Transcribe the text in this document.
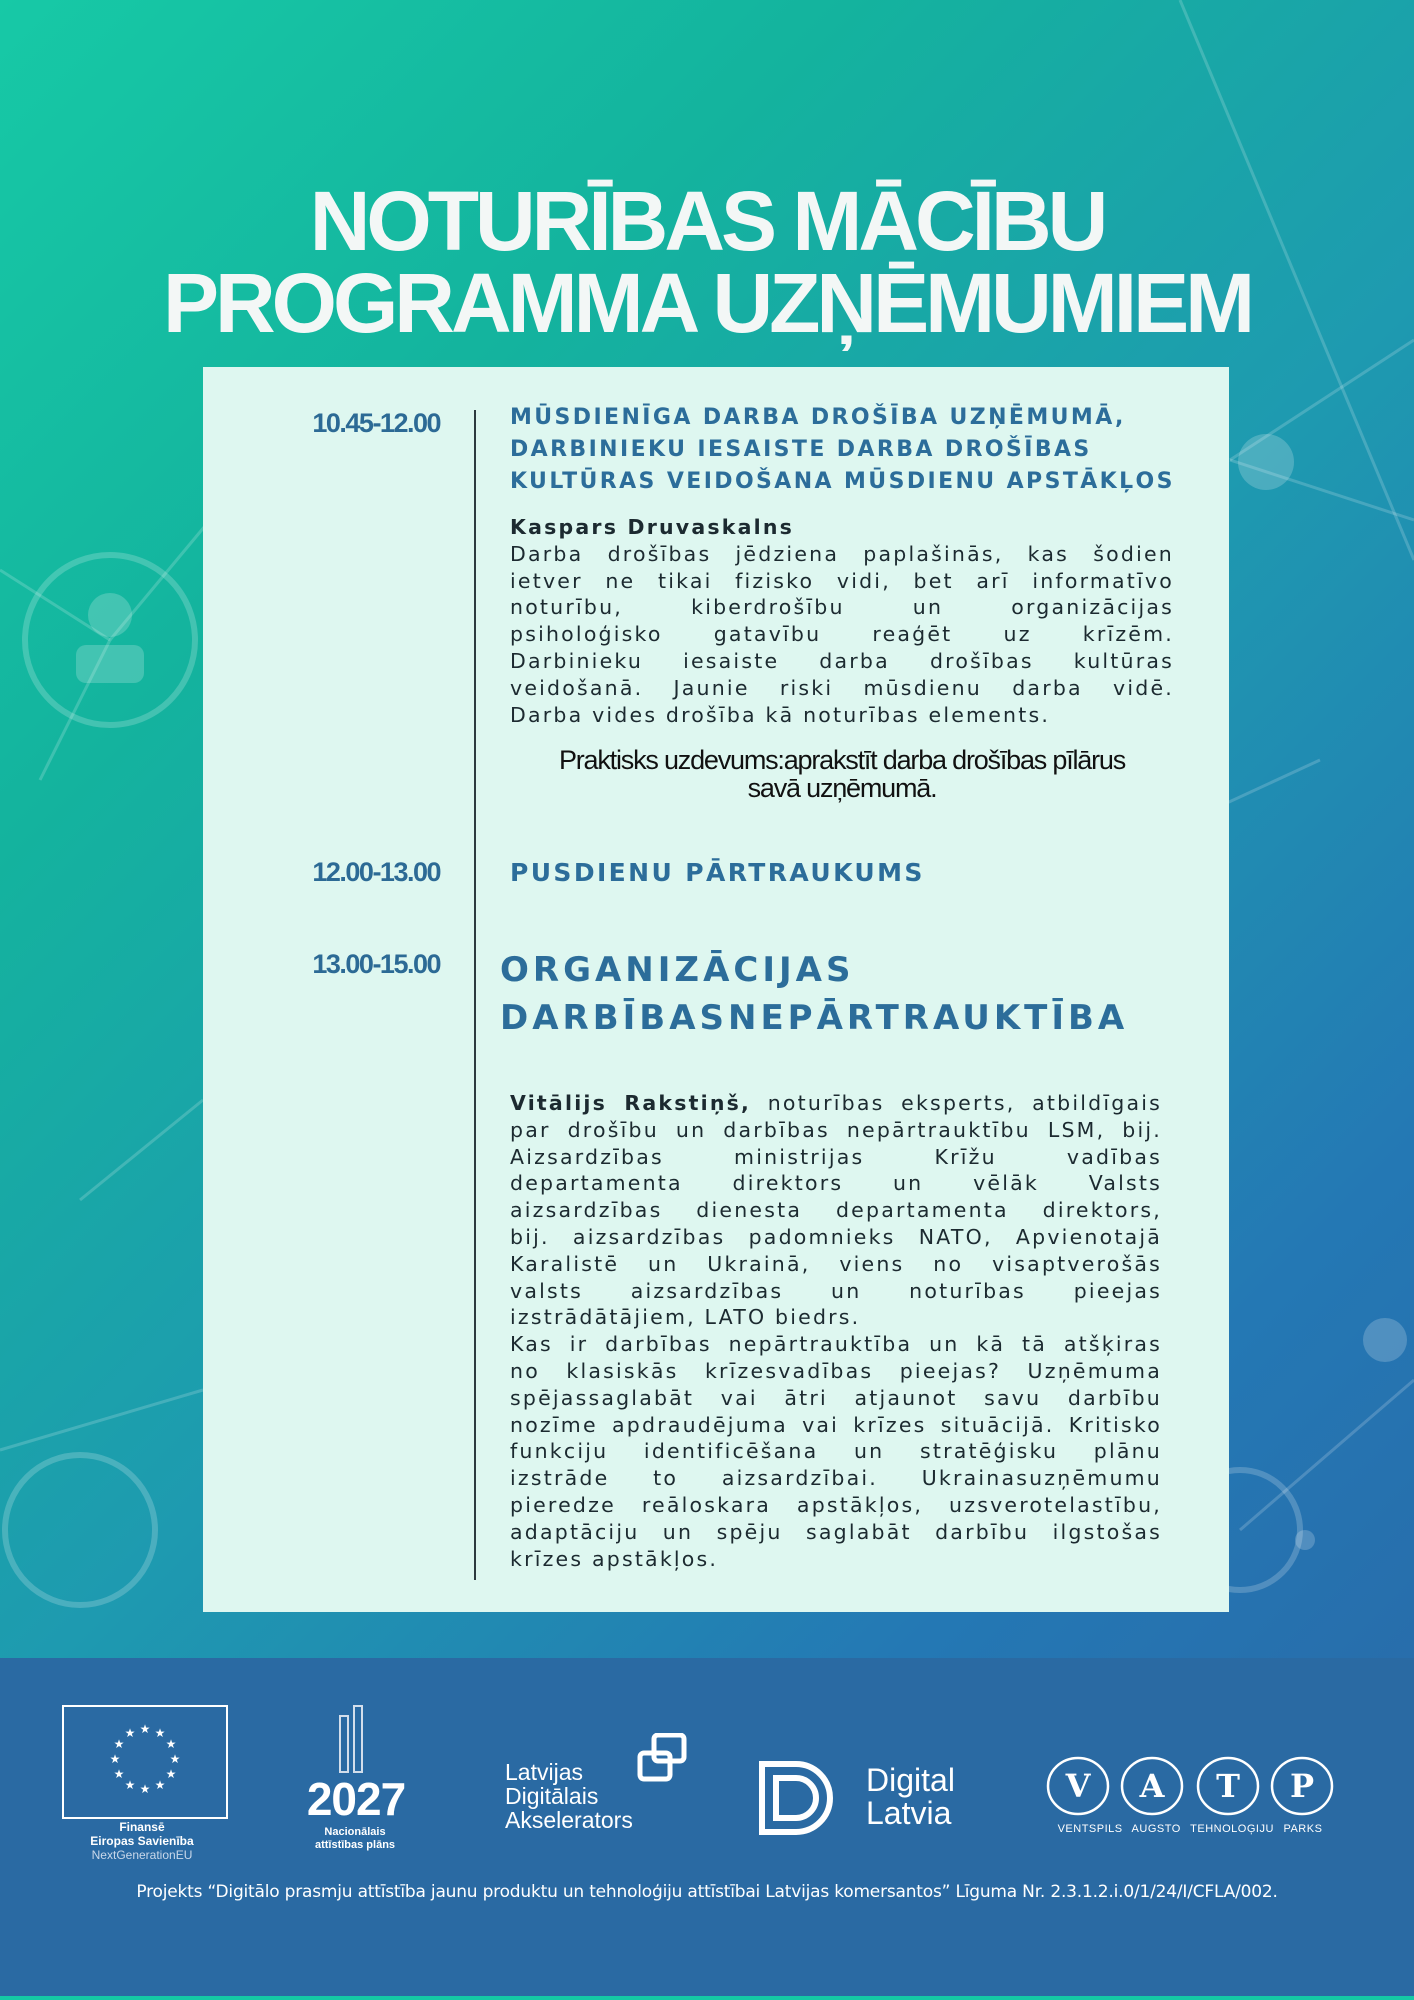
NOTURĪBAS MĀCĪBU
PROGRAMMA UZŅĒMUMIEM
10.45-12.00	MŪSDIENĪGA DARBA DROŠĪBA UZŅĒMUMĀ,
DARBINIEKU IESAISTE DARBA DROŠĪBAS
KULTŪRAS VEIDOŠANA MŪSDIENU APSTĀKĻOS
Kaspars Druvaskalns
Darba drošības jēdziena paplašinās, kas šodien
ietver ne tikai fizisko vidi, bet arī informatīvo
noturību, kiberdrošību un organizācijas
psiholoģisko gatavību reaģēt uz krīzēm.
Darbinieku iesaiste darba drošības kultūras
veidošanā. Jaunie riski mūsdienu darba vidē.
Darba vides drošība kā noturības elements.
Praktisks uzdevums:aprakstīt darba drošības pīlārus
savā uzņēmumā.
12.00-13.00	PUSDIENU PĀRTRAUKUMS
13.00-15.00 ORGANIZĀCIJAS
DARBĪBASNEPĀRTRAUKTĪBA
Vitālijs Rakstiņš, noturības eksperts, atbildīgais
par drošību un darbības nepārtrauktību LSM, bij.
Aizsardzības ministrijas Krīžu vadības
departamenta direktors un vēlāk Valsts
aizsardzības dienesta departamenta direktors,
bij. aizsardzības padomnieks NATO, Apvienotajā
Karalistē un Ukrainā, viens no visaptverošās
valsts aizsardzības un noturības pieejas
izstrādātājiem, LATO biedrs.
Kas ir darbības nepārtrauktība un kā tā atšķiras
no klasiskās krīzesvadības pieejas? Uzņēmuma
spējassaglabāt vai ātri atjaunot savu darbību
nozīme apdraudējuma vai krīzes situācijā. Kritisko
funkciju identificēšana un stratēģisku plānu
izstrāde to aizsardzībai. Ukrainasuzņēmumu
pieredze reāloskara apstākļos, uzsverotelastību,
adaptāciju un spēju saglabāt darbību ilgstošas
krīzes apstākļos.
★ ★
★
★
★
★
★
★
★
★
★
★
Finansē
Eiropas Savienība
NextGenerationEU
2027
Nacionālais
attīstības plāns
Latvijas
Digitālais
Akselerators
Digital
Latvia
V A T P
VENTSPILS AUGSTO TEHNOLOĢIJU PARKS
Projekts “Digitālo prasmju attīstība jaunu produktu un tehnoloģiju attīstībai Latvijas komersantos” Līguma Nr. 2.3.1.2.i.0/1/24/I/CFLA/002.
